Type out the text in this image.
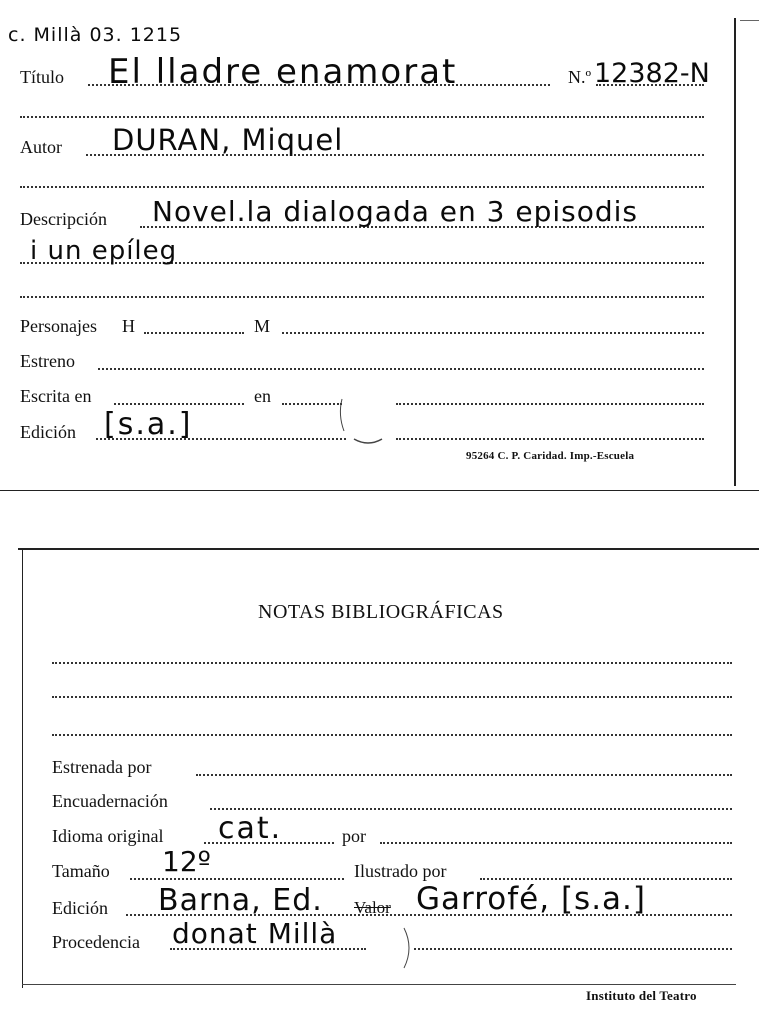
c. Millà 03. 1215
Título El lladre enamorat	N.º 12382-N
Autor DURAN, Miquel
Descripción Novel.la dialogada en 3 episodis
i un epíleg
Personajes H	M
Estreno
Escrita en	en
Edición [s.a.]
95264 C. P. Caridad. Imp.-Escuela
NOTAS BIBLIOGRÁFICAS
Estrenada por
Encuadernación
Idioma original cat.	por
Tamaño 12º	Ilustrado por
Edición Barna, Ed. Valor Garrofé, [s.a.]
Procedencia donat Millà
Instituto del Teatro
